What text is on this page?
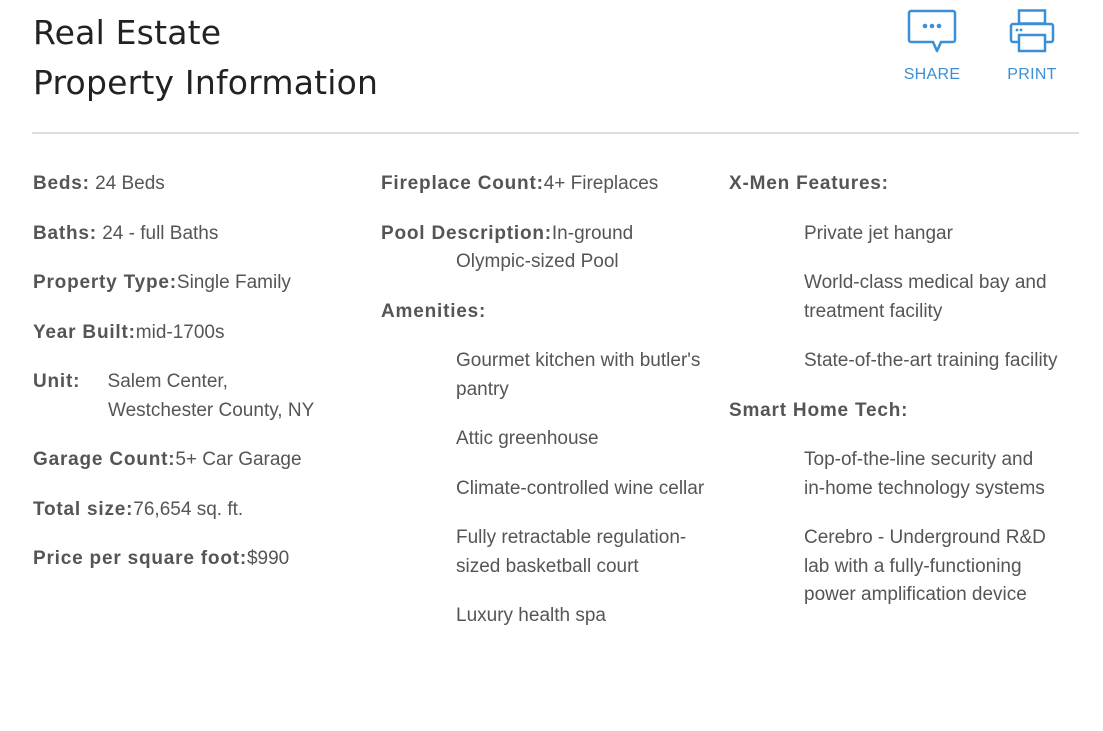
Real Estate
Property Information	SHARE	PRINT
Beds: 24 Beds
Baths: 24 - full Baths
Property Type:Single Family
Year Built:mid-1700s
Unit: Salem Center,
Westchester County, NY
Garage Count:5+ Car Garage
Total size:76,654 sq. ft.
Price per square foot:$990
Fireplace Count:4+ Fireplaces
Pool Description:In-ground
Olympic-sized Pool
Amenities:
Gourmet kitchen with butler's pantry
Attic greenhouse
Climate-controlled wine cellar
Fully retractable regulation-sized basketball court
Luxury health spa
X-Men Features:
Private jet hangar
World-class medical bay and treatment facility
State-of-the-art training facility
Smart Home Tech:
Top-of-the-line security and in-home technology systems
Cerebro - Underground R&D lab with a fully-functioning power amplification device
